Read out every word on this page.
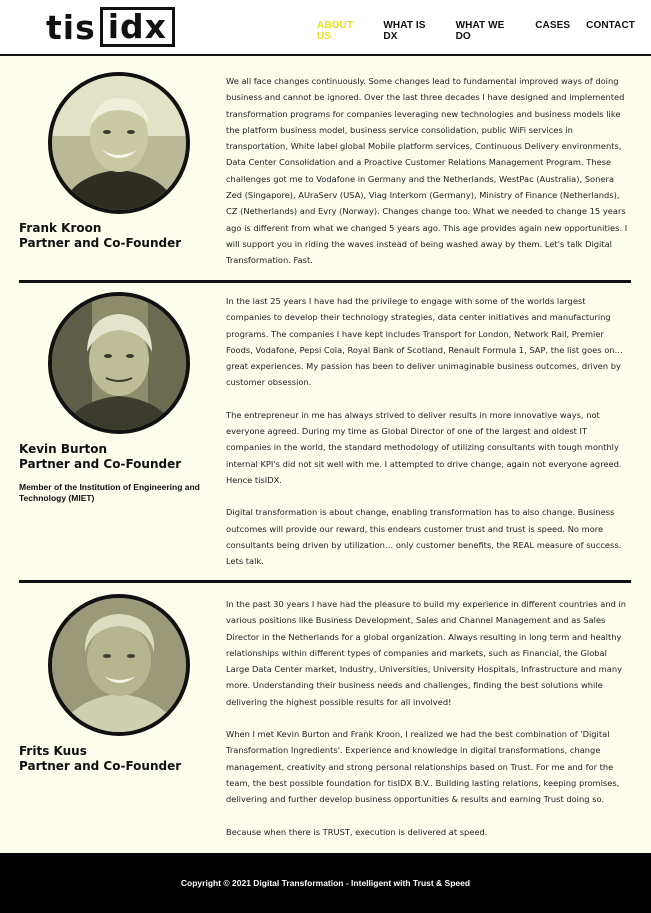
tis idx	ABOUT US
WHAT IS DX
WHAT WE DO
CASES CONTACT
Frank Kroon
Partner and Co-Founder

We all face changes continuously. Some changes lead to fundamental improved ways of doing business and cannot be ignored. Over the last three decades I have designed and implemented transformation programs for companies leveraging new technologies and business models like the platform business model, business service consolidation, public WiFi services in transportation, White label global Mobile platform services, Continuous Delivery environments, Data Center Consolidation and a Proactive Customer Relations Management Program. These challenges got me to Vodafone in Germany and the Netherlands, WestPac (Australia), Sonera Zed (Singapore), AUraServ (USA), Viag Interkom (Germany), Ministry of Finance (Netherlands), CZ (Netherlands) and Evry (Norway). Changes change too. What we needed to change 15 years ago is different from what we changed 5 years ago. This age provides again new opportunities. I will support you in riding the waves instead of being washed away by them. Let's talk Digital Transformation. Fast.

Kevin Burton
Partner and Co-Founder
Member of the Institution of Engineering and Technology (MIET)

In the last 25 years I have had the privilege to engage with some of the worlds largest companies to develop their technology strategies, data center initiatives and manufacturing programs. The companies I have kept includes Transport for London, Network Rail, Premier Foods, Vodafone, Pepsi Cola, Royal Bank of Scotland, Renault Formula 1, SAP, the list goes on… great experiences. My passion has been to deliver unimaginable business outcomes, driven by customer obsession.

The entrepreneur in me has always strived to deliver results in more innovative ways, not everyone agreed. During my time as Global Director of one of the largest and oldest IT companies in the world, the standard methodology of utilizing consultants with tough monthly internal KPI's did not sit well with me. I attempted to drive change, again not everyone agreed. Hence tisIDX.

Digital transformation is about change, enabling transformation has to also change. Business outcomes will provide our reward, this endears customer trust and trust is speed. No more consultants being driven by utilization… only customer benefits, the REAL measure of success. Lets talk.

Frits Kuus
Partner and Co-Founder

In the past 30 years I have had the pleasure to build my experience in different countries and in various positions like Business Development, Sales and Channel Management and as Sales Director in the Netherlands for a global organization. Always resulting in long term and healthy relationships within different types of companies and markets, such as Financial, the Global Large Data Center market, Industry, Universities, University Hospitals, Infrastructure and many more. Understanding their business needs and challenges, finding the best solutions while delivering the highest possible results for all involved!

When I met Kevin Burton and Frank Kroon, I realized we had the best combination of 'Digital Transformation Ingredients'. Experience and knowledge in digital transformations, change management, creativity and strong personal relationships based on Trust. For me and for the team, the best possible foundation for tisIDX B.V.. Building lasting relations, keeping promises, delivering and further develop business opportunities & results and earning Trust doing so.

Because when there is TRUST, execution is delivered at speed.

Copyright © 2021 Digital Transformation - Intelligent with Trust & Speed
